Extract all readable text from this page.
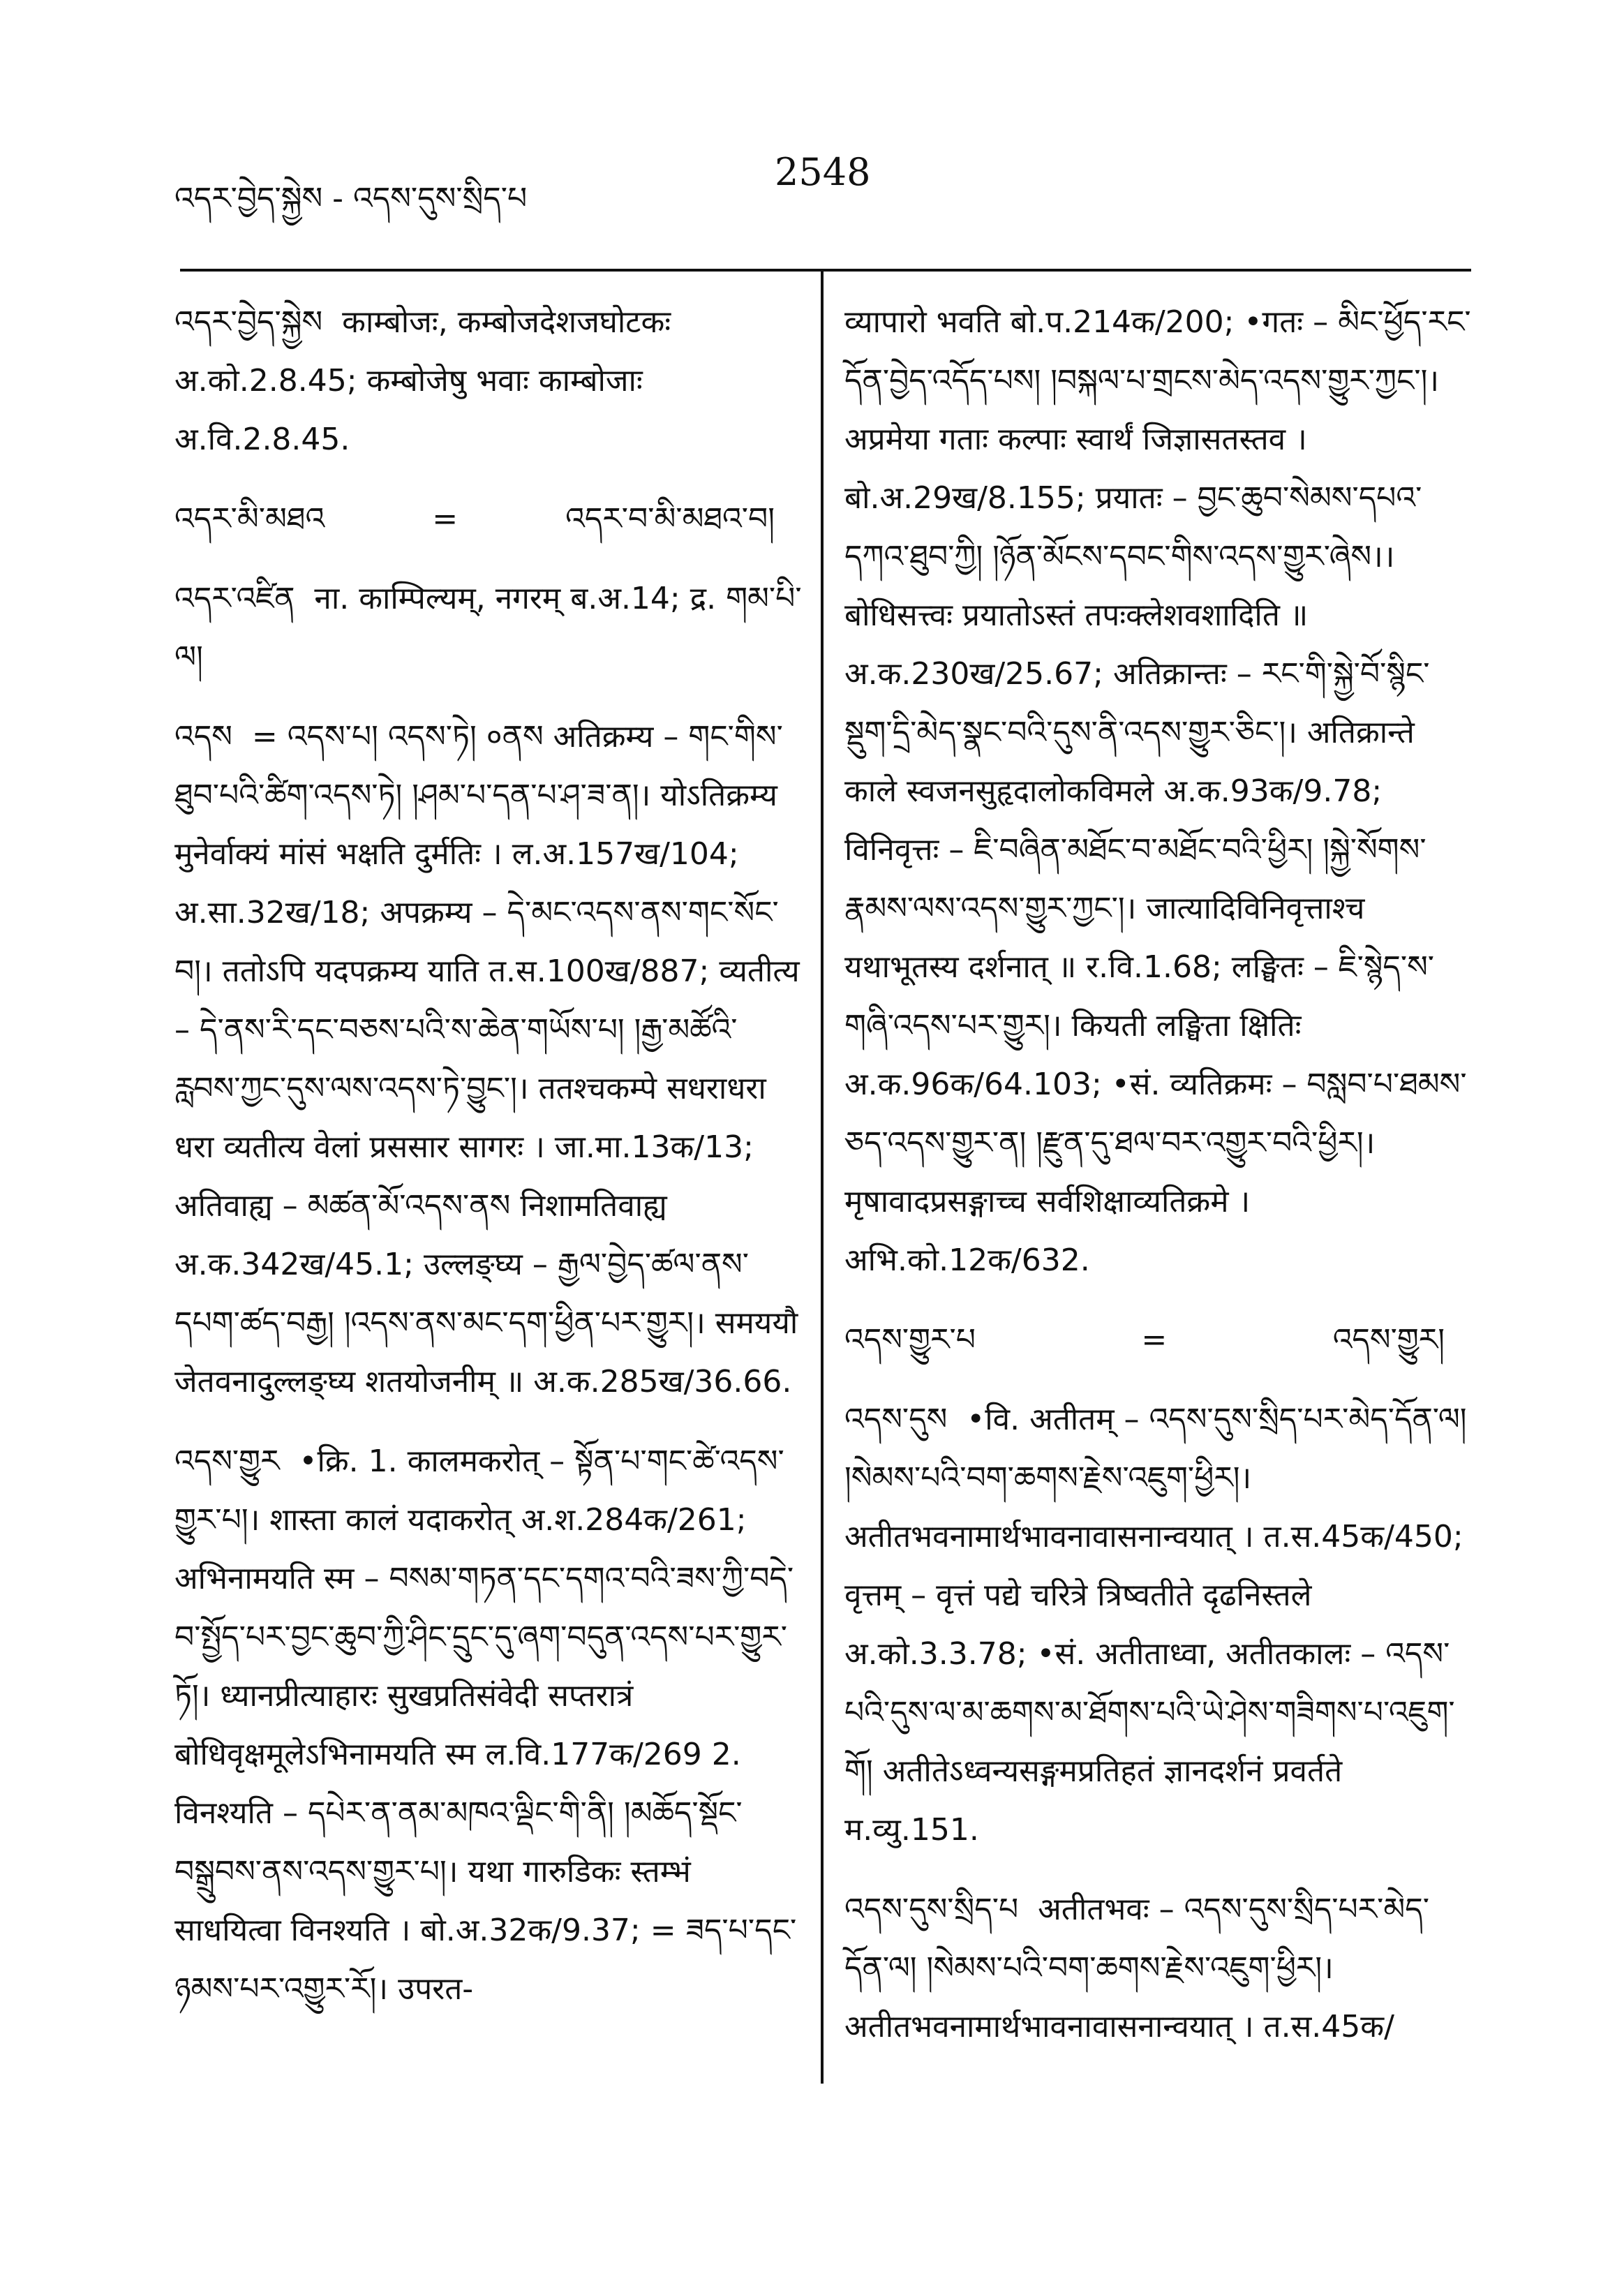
འདར་བྱེད་སྐྱེས - འདས་དུས་སྲིད་པ
2548
འདར་བྱེད་སྐྱེས काम्बोजः, कम्बोजदेशजघोटकः अ.को.2.8.45; कम्बोजेषु भवाः काम्बोजाः अ.वि.2.8.45.
འདར་མི་མཐའ	=	འདར་བ་མི་མཐའ་བ།
འདར་འཛིན ना. काम्पिल्यम्, नगरम् ब.अ.14; द्र. གམ་པི་ལ།
འདས = འདས་པ། འདས་ཏེ། ०ནས अतिक्रम्य – གང་གིས་ཐུབ་པའི་ཚིག་འདས་ཏེ། །ཤམ་པ་དན་པ་ཤ་ཟ་ན།। योऽतिक्रम्य मुनेर्वाक्यं मांसं भक्षति दुर्मतिः । ल.अ.157ख/104; अ.सा.32ख/18; अपक्रम्य – དེ་མང་འདས་ནས་གང་སོང་བ།। ततोऽपि यदपक्रम्य याति त.स.100ख/887; व्यतीत्य – དེ་ནས་རི་དང་བཅས་པའི་ས་ཆེན་གཡོས་པ། །རྒྱ་མཚོའི་རླབས་ཀྱང་དུས་ལས་འདས་ཏེ་བྱུང་།। ततश्चकम्पे सधराधरा धरा व्यतीत्य वेलां प्रससार सागरः । जा.मा.13क/13; अतिवाह्य – མཚན་མོ་འདས་ནས निशामतिवाह्य अ.क.342ख/45.1; उल्लङ्घ्य – རྒྱལ་བྱེད་ཚལ་ནས་དཔག་ཚད་བརྒྱ། །འདས་ནས་མང་དག་ཕྱིན་པར་གྱུར།। समययौ जेतवनादुल्लङ्घ्य शतयोजनीम् ॥ अ.क.285ख/36.66.
འདས་གྱུར •क्रि. 1. कालमकरोत् – སྟོན་པ་གང་ཚེ་འདས་གྱུར་པ།। शास्ता कालं यदाकरोत् अ.श.284क/261; अभिनामयति स्म – བསམ་གཏན་དང་དགའ་བའི་ཟས་ཀྱི་བདེ་བ་སྤྱོད་པར་བྱང་ཆུབ་ཀྱི་ཤིང་དྲུང་དུ་ཞག་བདུན་འདས་པར་གྱུར་ཏོ།। ध्यानप्रीत्याहारः सुखप्रतिसंवेदी सप्तरात्रं बोधिवृक्षमूलेऽभिनामयति स्म ल.वि.177क/269 2. विनश्यति – དཔེར་ན་ནམ་མཁའ་ལྡིང་གི་ནི། །མཆོད་སྡོང་བསྒྲུབས་ནས་འདས་གྱུར་པ།। यथा गारुडिकः स्तम्भं साधयित्वा विनश्यति । बो.अ.32क/9.37; = ཟད་པ་དང་ཉམས་པར་འགྱུར་རོ།। उपरत-
व्यापारो भवति बो.प.214क/200; •गतः – མིང་ཕྱོད་རང་དོན་བྱེད་འདོད་པས། །བསྐལ་པ་གྲངས་མེད་འདས་གྱུར་ཀྱང་།। अप्रमेया गताः कल्पाः स्वार्थं जिज्ञासतस्तव । बो.अ.29ख/8.155; प्रयातः – བྱང་ཆུབ་སེམས་དཔའ་དཀའ་ཐུབ་ཀྱི། །ཉོན་མོངས་དབང་གིས་འདས་གྱུར་ཞེས।। बोधिसत्त्वः प्रयातोऽस्तं तपःक्लेशवशादिति ॥ अ.क.230ख/25.67; अतिक्रान्तः – རང་གི་སྐྱེ་བོ་སྙིང་སྡུག་དྲི་མེད་སྣང་བའི་དུས་ནི་འདས་གྱུར་ཅིང་།। अतिक्रान्ते काले स्वजनसुहृदालोकविमले अ.क.93क/9.78; विनिवृत्तः – ཇི་བཞིན་མཐོང་བ་མཐོང་བའི་ཕྱིར། །སྐྱེ་སོགས་རྣམས་ལས་འདས་གྱུར་ཀྱང་།। जात्यादिविनिवृत्ताश्च यथाभूतस्य दर्शनात् ॥ र.वि.1.68; लङ्घितः – ཇི་སྙེད་ས་གཞི་འདས་པར་གྱུར།। कियती लङ्घिता क्षितिः अ.क.96क/64.103; •सं. व्यतिक्रमः – བསླབ་པ་ཐམས་ཅད་འདས་གྱུར་ན། །རྫུན་དུ་ཐལ་བར་འགྱུར་བའི་ཕྱིར།। मृषावादप्रसङ्गाच्च सर्वशिक्षाव्यतिक्रमे । अभि.को.12क/632.
འདས་གྱུར་པ	=	འདས་གྱུར།
འདས་དུས •वि. अतीतम् – འདས་དུས་སྲིད་པར་མེད་དོན་ལ། །སེམས་པའི་བག་ཆགས་རྗེས་འཇུག་ཕྱིར།। अतीतभवनामार्थभावनावासनान्वयात् । त.स.45क/450; वृत्तम् – वृत्तं पद्ये चरित्रे त्रिष्वतीते दृढनिस्तले अ.को.3.3.78; •सं. अतीताध्वा, अतीतकालः – འདས་པའི་དུས་ལ་མ་ཆགས་མ་ཐོགས་པའི་ཡེ་ཤེས་གཟིགས་པ་འཇུག་གོ། अतीतेऽध्वन्यसङ्गमप्रतिहतं ज्ञानदर्शनं प्रवर्तते म.व्यु.151.
འདས་དུས་སྲིད་པ अतीतभवः – འདས་དུས་སྲིད་པར་མེད་དོན་ལ། །སེམས་པའི་བག་ཆགས་རྗེས་འཇུག་ཕྱིར།। अतीतभवनामार्थभावनावासनान्वयात् । त.स.45क/
